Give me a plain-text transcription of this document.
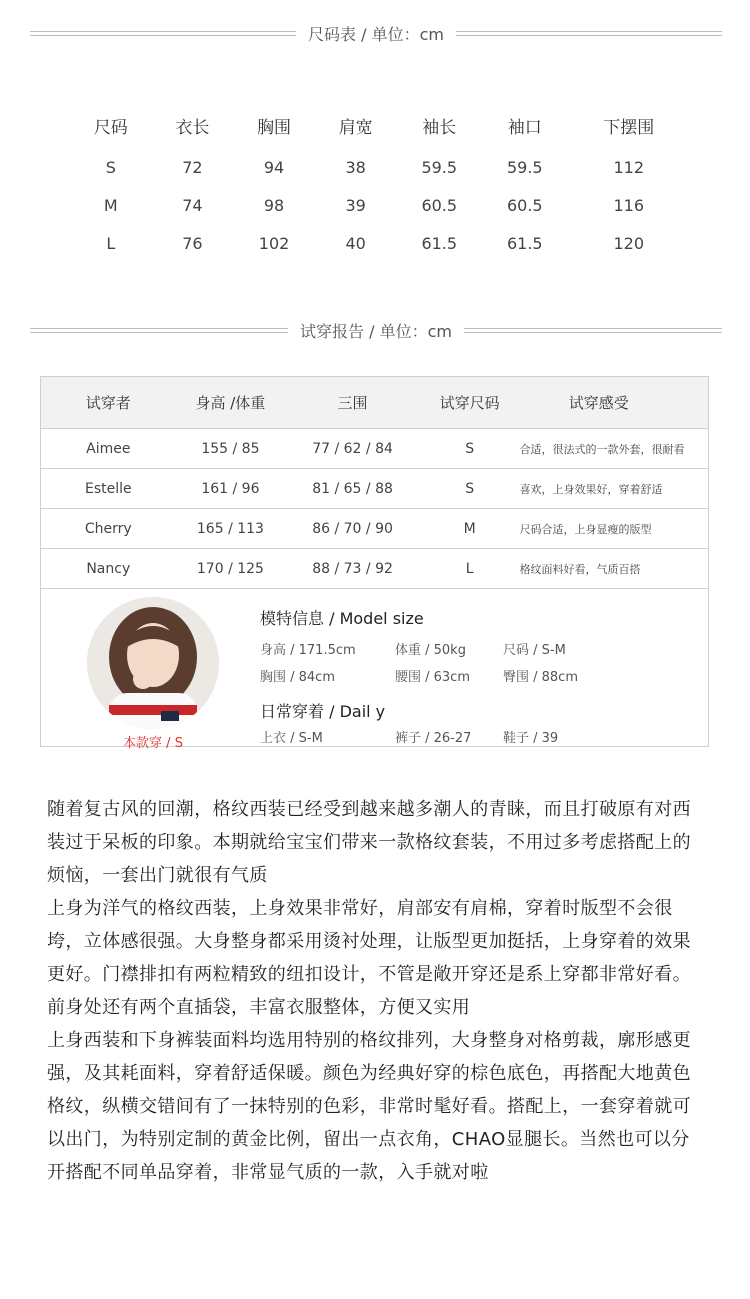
尺码表 / 单位：cm
尺码	衣长	胸围	肩宽	袖长	袖口	下摆围
S	72	94	38	59.5	59.5	112
M	74	98	39	60.5	60.5	116
L	76	102	40	61.5	61.5	120
试穿报告 / 单位：cm
试穿者	身高 /体重	三围	试穿尺码	试穿感受
Aimee	155 / 85	77 / 62 / 84	S	合适，很法式的一款外套，很耐看
Estelle	161 / 96	81 / 65 / 88	S	喜欢，上身效果好，穿着舒适
Cherry	165 / 113	86 / 70 / 90	M	尺码合适，上身显瘦的版型
Nancy	170 / 125	88 / 73 / 92	L	格纹面料好看，气质百搭
本款穿 / S
模特信息 / Model size
身高 / 171.5cm	体重 / 50kg	尺码 / S-M
胸围 / 84cm	腰围 / 63cm	臀围 / 88cm
日常穿着 / Dail y
上衣 / S-M	裤子 / 26-27	鞋子 / 39

随着复古风的回潮，格纹西装已经受到越来越多潮人的青睐，而且打破原有对西装过于呆板的印象。本期就给宝宝们带来一款格纹套装，不用过多考虑搭配上的烦恼，一套出门就很有气质

上身为洋气的格纹西装，上身效果非常好，肩部安有肩棉，穿着时版型不会很垮，立体感很强。大身整身都采用烫衬处理，让版型更加挺括，上身穿着的效果更好。门襟排扣有两粒精致的纽扣设计，不管是敞开穿还是系上穿都非常好看。前身处还有两个直插袋，丰富衣服整体，方便又实用

上身西装和下身裤装面料均选用特别的格纹排列，大身整身对格剪裁，廓形感更强，及其耗面料，穿着舒适保暖。颜色为经典好穿的棕色底色，再搭配大地黄色格纹，纵横交错间有了一抹特别的色彩，非常时髦好看。搭配上，一套穿着就可以出门，为特别定制的黄金比例，留出一点衣角，CHAO显腿长。当然也可以分开搭配不同单品穿着，非常显气质的一款，入手就对啦
